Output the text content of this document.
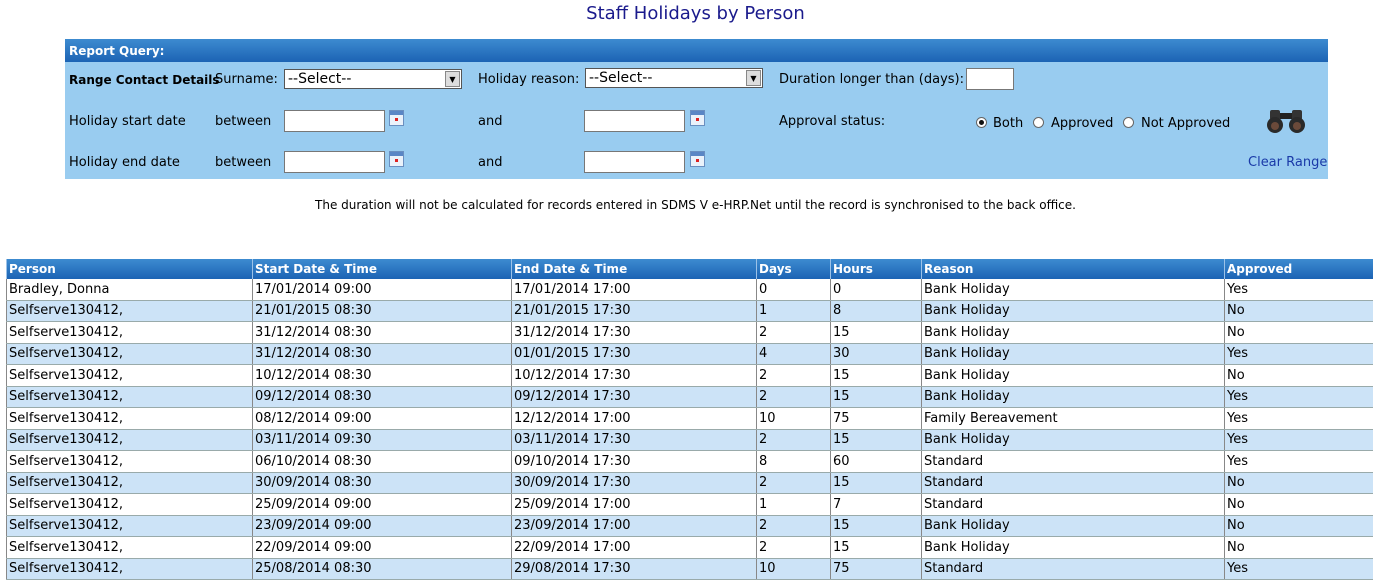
Staff Holidays by Person
Report Query:
Range Contact Details
Surname: --Select--	▼	Holiday reason: --Select--	▼	Duration longer than (days):
Holiday start date between	and	Approval status:	Both Approved Not Approved
Holiday end date	between	and	Clear Range
The duration will not be calculated for records entered in SDMS V e-HRP.Net until the record is synchronised to the back office.
Person	Start Date & Time	End Date & Time	Days	Hours	Reason	Approved
Bradley, Donna	17/01/2014 09:00	17/01/2014 17:00	0	0	Bank Holiday	Yes
Selfserve130412,	21/01/2015 08:30	21/01/2015 17:30	1	8	Bank Holiday	No
Selfserve130412,	31/12/2014 08:30	31/12/2014 17:30	2	15	Bank Holiday	No
Selfserve130412,	31/12/2014 08:30	01/01/2015 17:30	4	30	Bank Holiday	Yes
Selfserve130412,	10/12/2014 08:30	10/12/2014 17:30	2	15	Bank Holiday	No
Selfserve130412,	09/12/2014 08:30	09/12/2014 17:30	2	15	Bank Holiday	Yes
Selfserve130412,	08/12/2014 09:00	12/12/2014 17:00	10	75	Family Bereavement	Yes
Selfserve130412,	03/11/2014 09:30	03/11/2014 17:30	2	15	Bank Holiday	Yes
Selfserve130412,	06/10/2014 08:30	09/10/2014 17:30	8	60	Standard	Yes
Selfserve130412,	30/09/2014 08:30	30/09/2014 17:30	2	15	Standard	No
Selfserve130412,	25/09/2014 09:00	25/09/2014 17:00	1	7	Standard	No
Selfserve130412,	23/09/2014 09:00	23/09/2014 17:00	2	15	Bank Holiday	No
Selfserve130412,	22/09/2014 09:00	22/09/2014 17:00	2	15	Bank Holiday	No
Selfserve130412,	25/08/2014 08:30	29/08/2014 17:30	10	75	Standard	Yes
